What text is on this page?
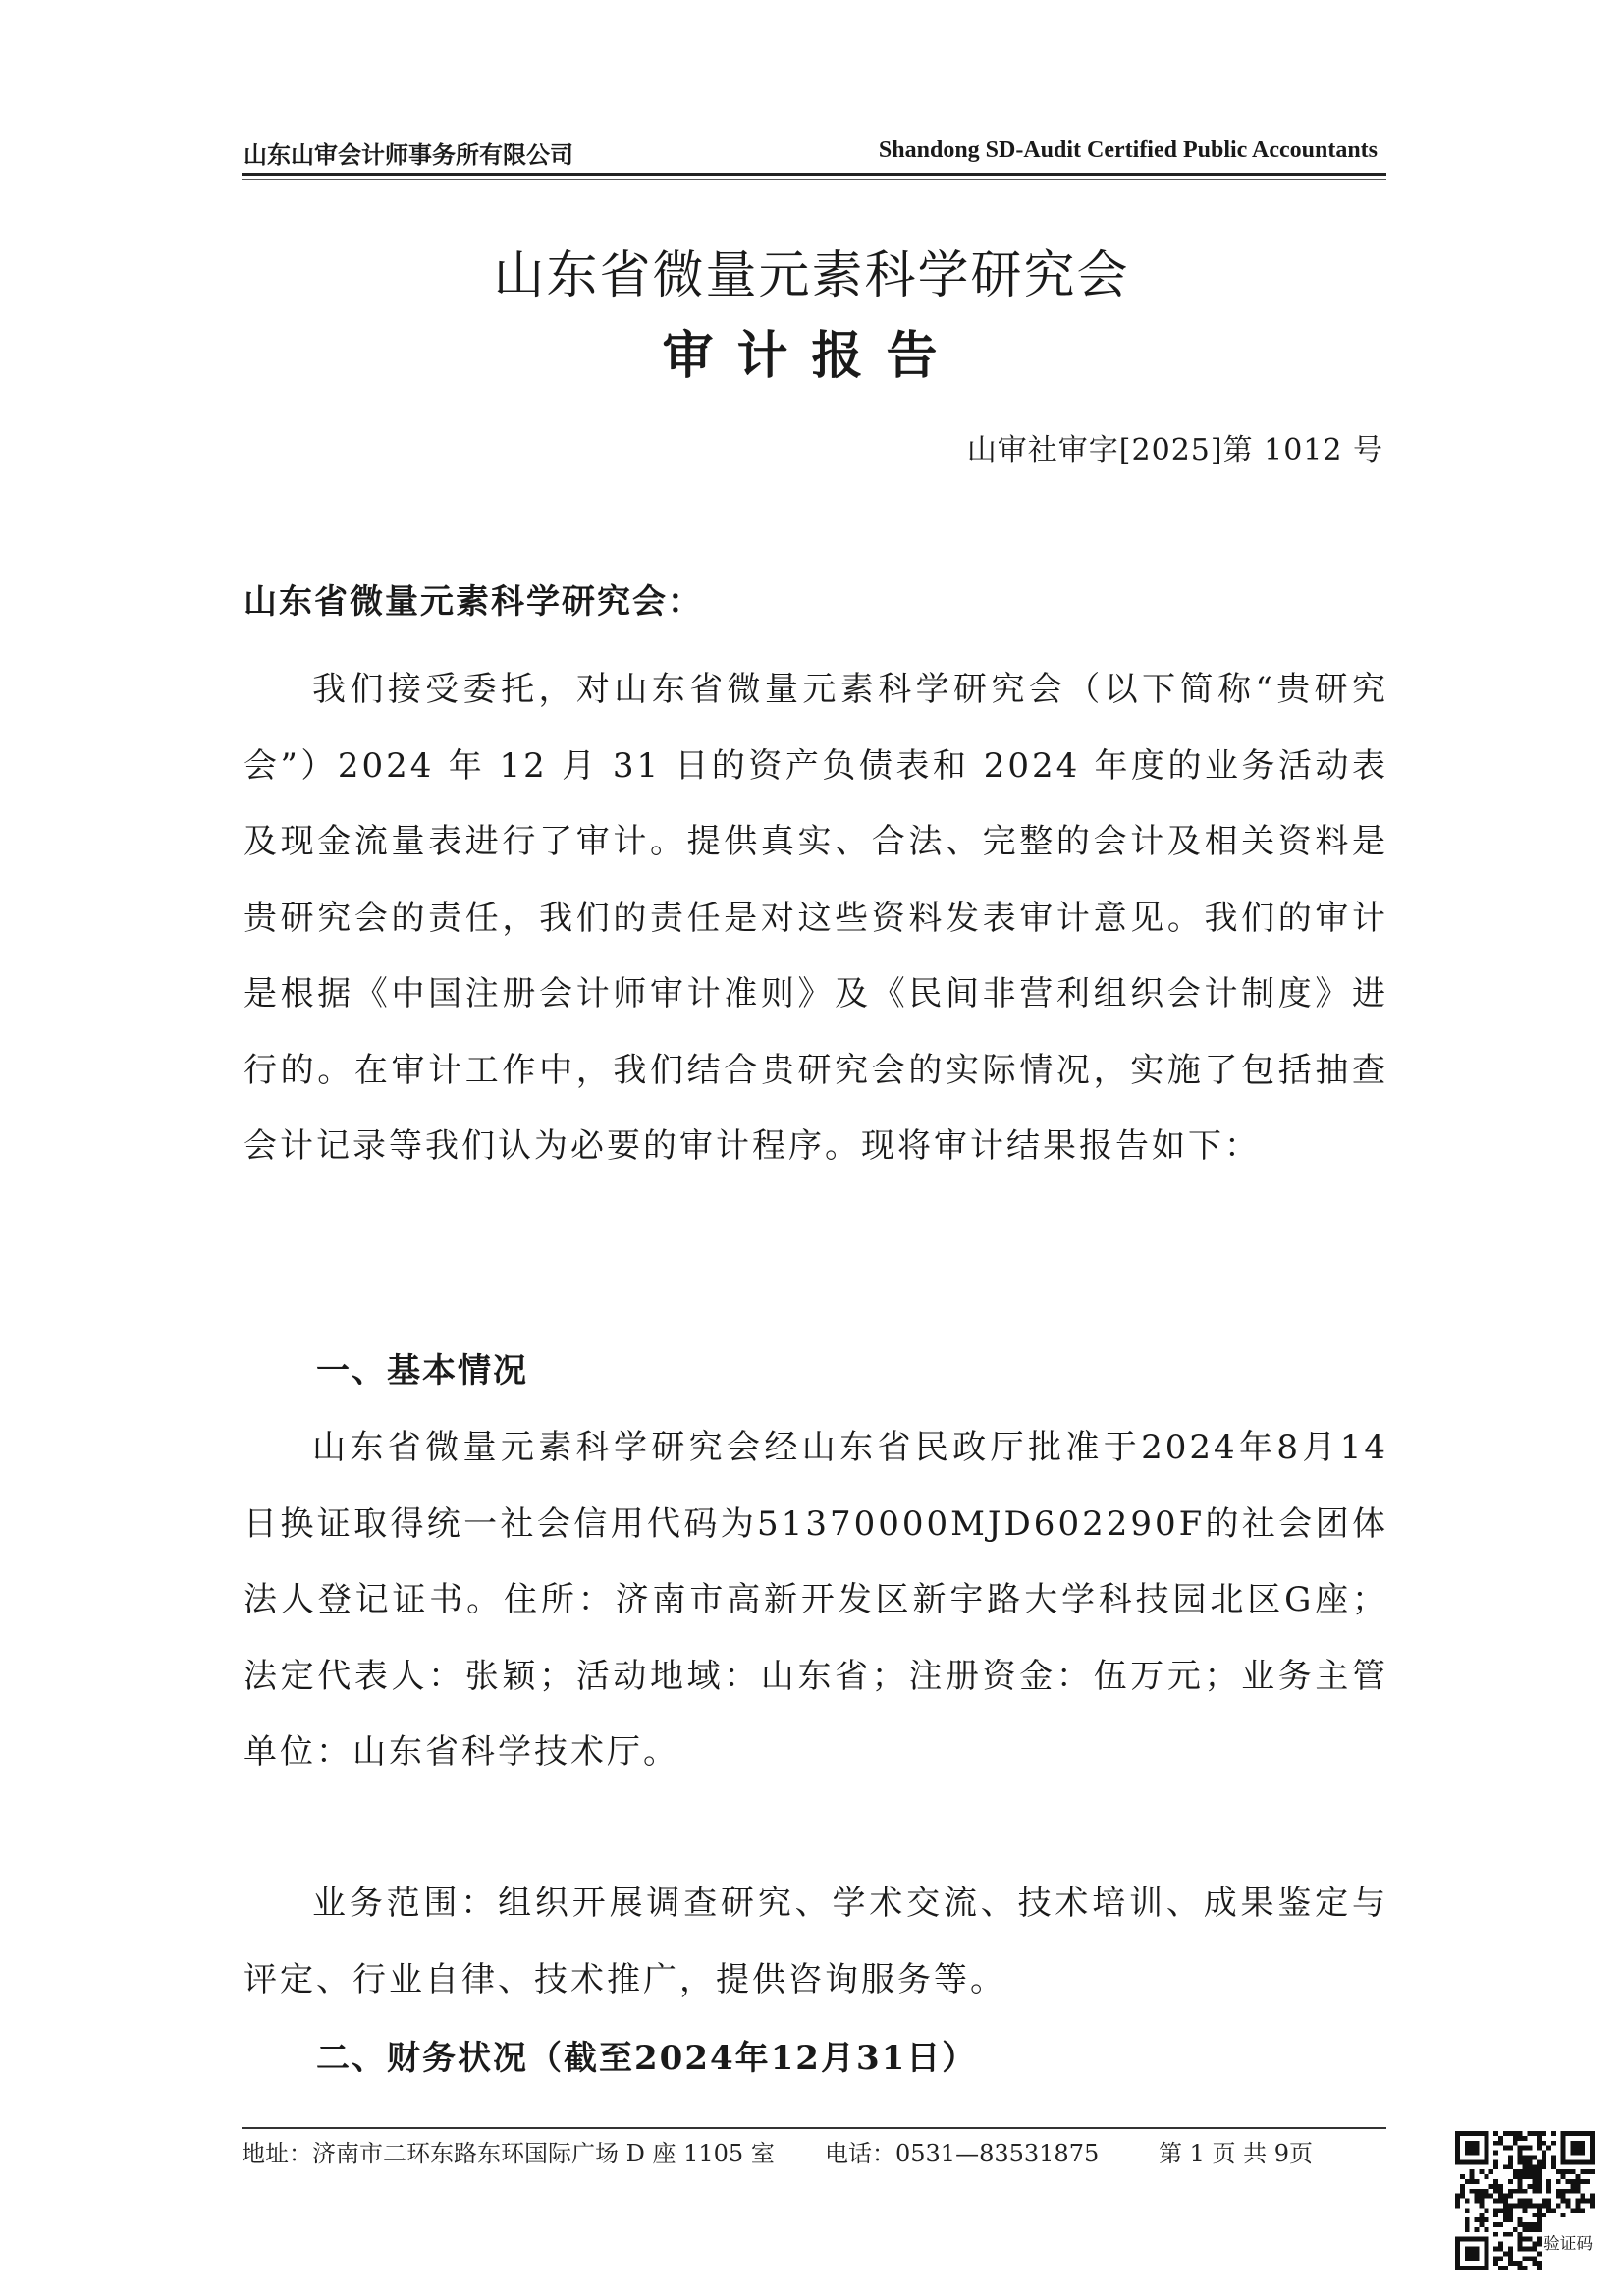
山东山审会计师事务所有限公司	Shandong SD-Audit Certified Public Accountants
山东省微量元素科学研究会
审计报告
山审社审字[2025]第 1012 号
山东省微量元素科学研究会：

我们接受委托，对山东省微量元素科学研究会（以下简称“贵研究会”）2024 年 12 月 31 日的资产负债表和 2024 年度的业务活动表及现金流量表进行了审计。提供真实、合法、完整的会计及相关资料是贵研究会的责任，我们的责任是对这些资料发表审计意见。我们的审计是根据《中国注册会计师审计准则》及《民间非营利组织会计制度》进行的。在审计工作中，我们结合贵研究会的实际情况，实施了包括抽查会计记录等我们认为必要的审计程序。现将审计结果报告如下：

一、基本情况

山东省微量元素科学研究会经山东省民政厅批准于2024年8月14日换证取得统一社会信用代码为51370000MJD602290F的社会团体法人登记证书。住所：济南市高新开发区新宇路大学科技园北区G座；法定代表人：张颖；活动地域：山东省；注册资金：伍万元；业务主管单位：山东省科学技术厅。

业务范围：组织开展调查研究、学术交流、技术培训、成果鉴定与评定、行业自律、技术推广，提供咨询服务等。

二、财务状况（截至2024年12月31日）

地址：济南市二环东路东环国际广场 D 座 1105 室 电话：0531—83531875	第 1 页 共 9页
验证码
